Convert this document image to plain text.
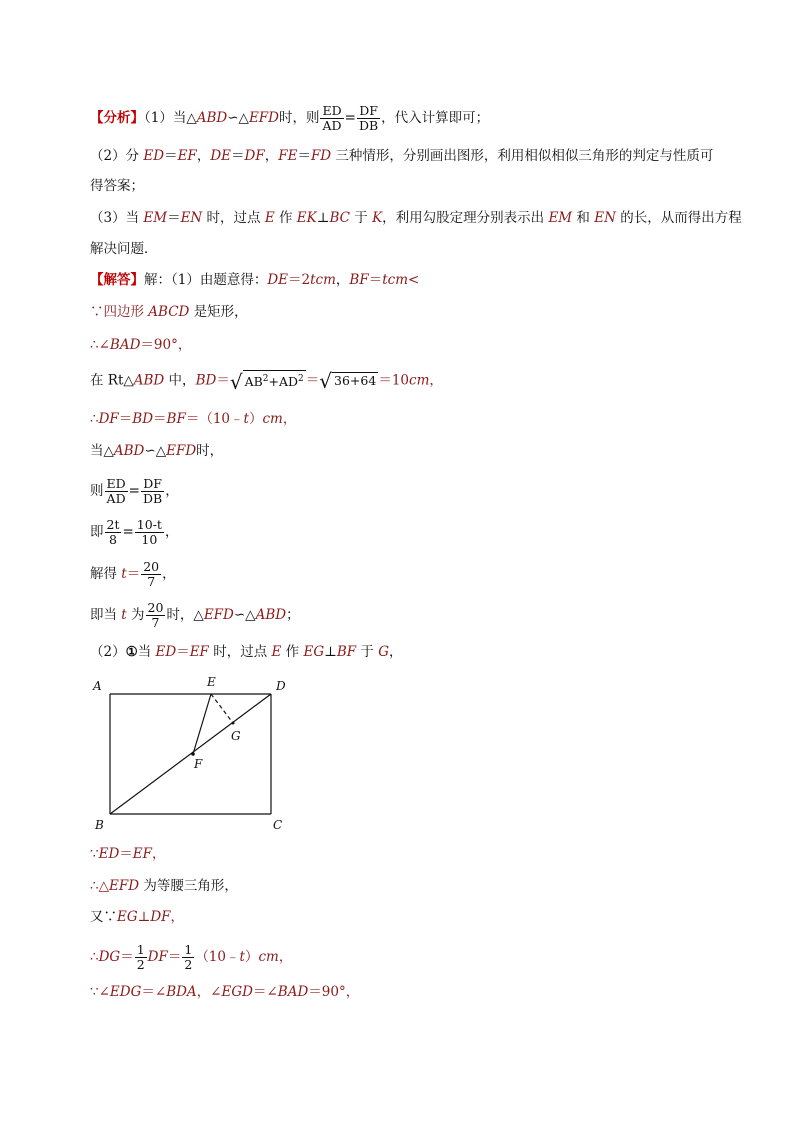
【分析】（1）当△ABD∽△EFD时，则 $\frac{ED}{AD} = \frac{DF}{DB}$ ，代入计算即可；
（2）分 ED＝EF，DE＝DF，FE＝FD 三种情形，分别画出图形，利用相似相似三角形的判定与性质可
得答案；
（3）当 EM＝EN 时，过点 E 作 EK⊥BC 于 K，利用勾股定理分别表示出 EM 和 EN 的长，从而得出方程
解决问题．
【解答】解：（1）由题意得：DE＝2tcm，BF＝tcm<
∵四边形 ABCD 是矩形，
∴∠BAD＝90°，
在 Rt△ABD 中，BD＝√ $AB^2+AD^2$ ＝√ 36+64 ＝10cm，
∴DF＝BD＝BF＝（10﹣t）cm，
当△ABD∽△EFD时，
则 $\frac{ED}{AD} = \frac{DF}{DB}$ ，
即 $\frac{2t}{8} = \frac{10-t}{10}$ ，
解得 $t= \frac{20}{7}$ ，
即当 t 为 $\frac{20}{7}$ 时，△EFD∽△ABD；
（2）①当 ED＝EF 时，过点 E 作 EG⊥BF 于 G，
A	E	D
G
F
B	C
∵ED＝EF，
∴△EFD 为等腰三角形，
又∵EG⊥DF，
∴DG＝ $\frac{1}{2} DF= \frac{1}{2}$ （10﹣t）cm，
∵∠EDG＝∠BDA，∠EGD＝∠BAD＝90°，
